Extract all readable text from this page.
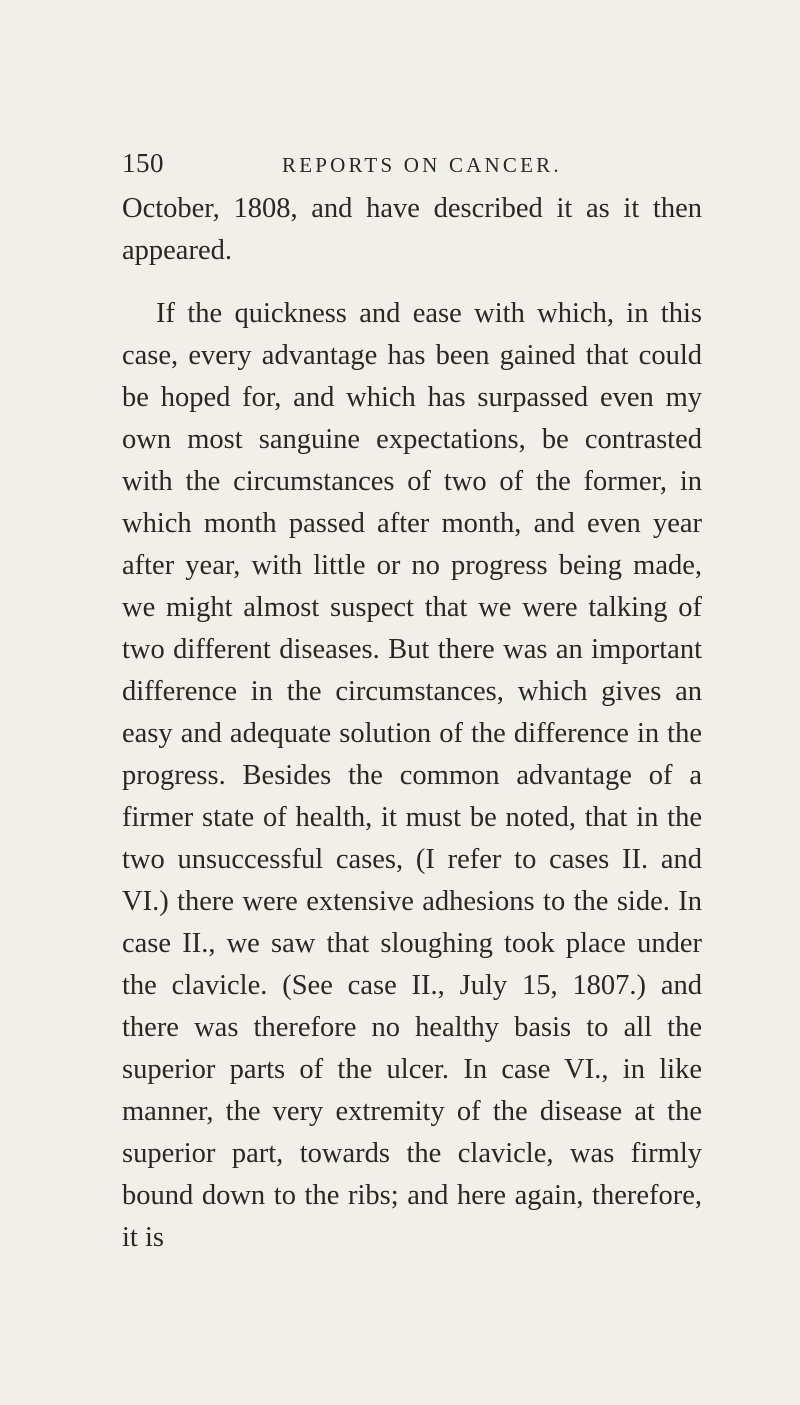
150	REPORTS ON CANCER.

October, 1808, and have described it as it then appeared.

If the quickness and ease with which, in this case, every advantage has been gained that could be hoped for, and which has surpassed even my own most sanguine expectations, be contrasted with the circumstances of two of the former, in which month passed after month, and even year after year, with little or no progress being made, we might almost suspect that we were talking of two different diseases. But there was an important difference in the circumstances, which gives an easy and adequate solution of the difference in the progress. Besides the common advantage of a firmer state of health, it must be noted, that in the two unsuccessful cases, (I refer to cases II. and VI.) there were extensive adhesions to the side. In case II., we saw that sloughing took place under the clavicle. (See case II., July 15, 1807.) and there was therefore no healthy basis to all the superior parts of the ulcer. In case VI., in like manner, the very extremity of the disease at the superior part, towards the clavicle, was firmly bound down to the ribs; and here again, therefore, it is
